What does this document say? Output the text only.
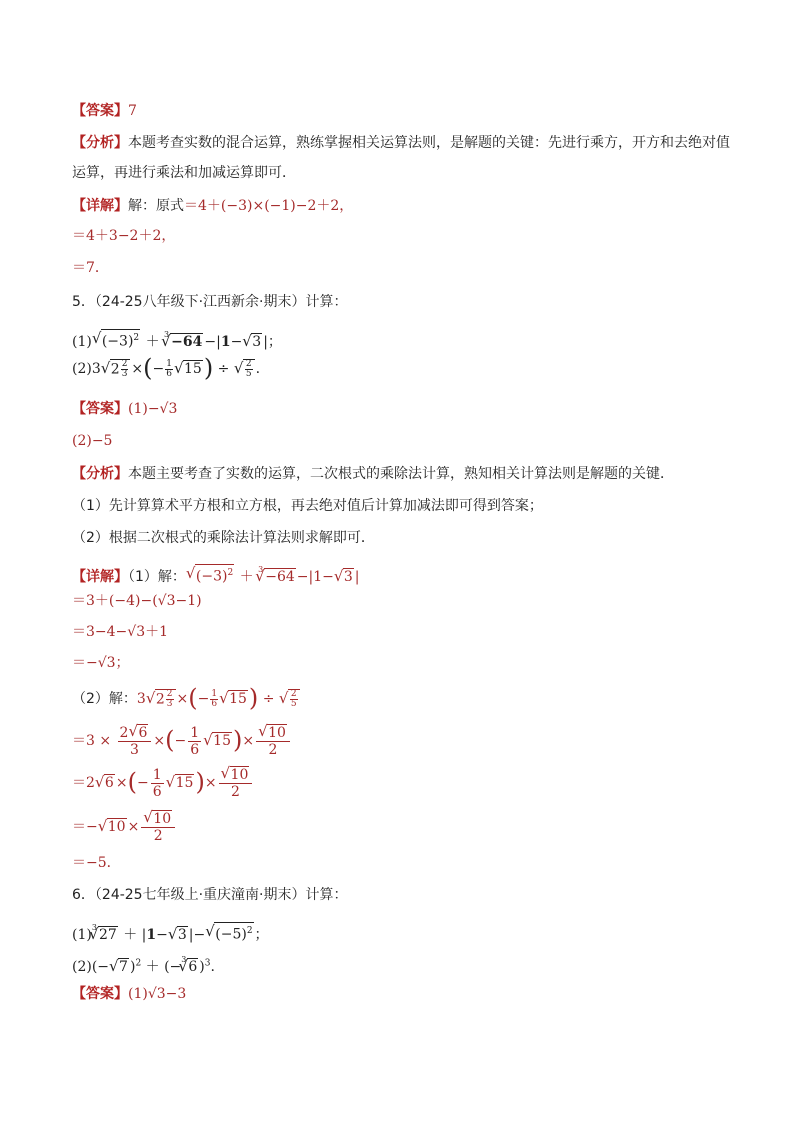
【答案】7
【分析】本题考查实数的混合运算，熟练掌握相关运算法则，是解题的关键：先进行乘方，开方和去绝对值运算，再进行乘法和加减运算即可．
【详解】解：原式＝4＋(−3)×(−1)−2＋2，
＝4＋3−2＋2，
＝7．
5．（24-25八年级下·江西新余·期末）计算：
(1)√ $(-3)^2 + ^3√ -64 -|1-√$ 3 |；
(2)3√ $2 \frac{2}{3}$ ×(− $\frac{1}{6}$
√ 15) ÷
√ $\frac{2}{5}$ .
【答案】(1)−√3
(2)−5
【分析】本题主要考查了实数的运算，二次根式的乘除法计算，熟知相关计算法则是解题的关键．
（1）先计算算术平方根和立方根，再去绝对值后计算加减法即可得到答案；
（2）根据二次根式的乘除法计算法则求解即可．
【详解】（1）解：√ $(-3)^2 + ^3√ -64 -|1-√$ 3 |
＝3＋(−4)−(√3−1)
＝3−4−√3＋1
＝−√3；
（2）解：3√ $2 \frac{2}{3}$ ×(− $\frac{1}{6}$
√ 15) ÷
√ $\frac{2}{5}$
$=3 \times \frac{2√ 6}{3}$ ×(− $\frac{1}{6}$
√ 15)×
√ $\frac{10}{2}$
＝2√ 6 ×(− $\frac{1}{6}$
√ 15)×
√ $\frac{10}{2}$
＝−√ 10 ×
√ $\frac{10}{2}$
＝−5．
6．（24-25七年级上·重庆潼南·期末）计算：
$(1)^3√$ 27 ＋ |1−√ 3 |−√ $(-5)^2$ ；
(2)(−√ 7 )$^2$ ＋ (−$^3$√ 6 )$^3$.
【答案】(1)√3−3
